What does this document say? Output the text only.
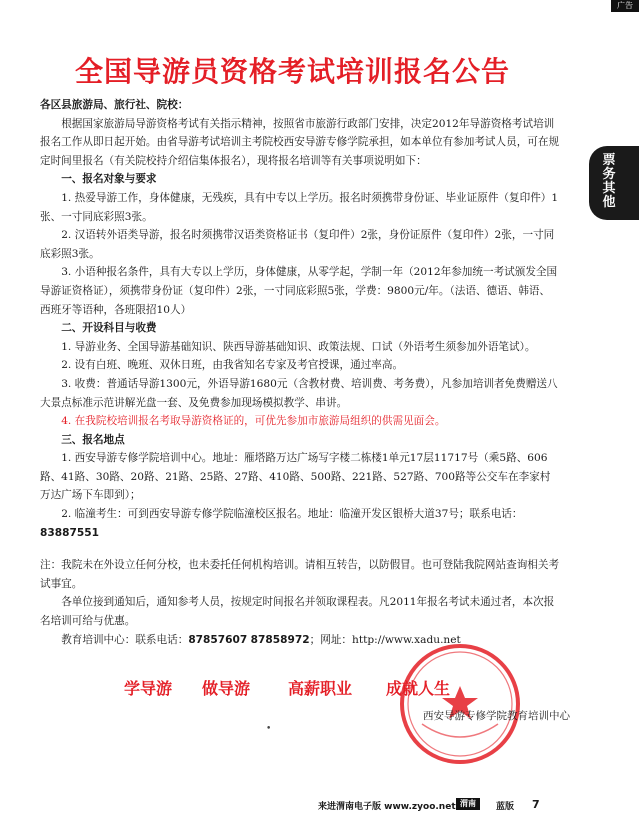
全国导游员资格考试培训报名公告

各区县旅游局、旅行社、院校：

根据国家旅游局导游资格考试有关指示精神，按照省市旅游行政部门安排，决定2012年导游资格考试培训报名工作从即日起开始。由省导游考试培训主考院校西安导游专修学院承担，如本单位有参加考试人员，可在规定时间里报名（有关院校持介绍信集体报名），现将报名培训等有关事项说明如下：

一、报名对象与要求

1. 热爱导游工作，身体健康，无残疾，具有中专以上学历。报名时须携带身份证、毕业证原件（复印件）1张、一寸同底彩照3张。

2. 汉语转外语类导游，报名时须携带汉语类资格证书（复印件）2张，身份证原件（复印件）2张，一寸同底彩照3张。

3. 小语种报名条件，具有大专以上学历，身体健康，从零学起，学制一年（2012年参加统一考试颁发全国导游证资格证），须携带身份证（复印件）2张，一寸同底彩照5张，学费：9800元/年。（法语、德语、韩语、西班牙等语种，各班限招10人）

二、开设科目与收费

1. 导游业务、全国导游基础知识、陕西导游基础知识、政策法规、口试（外语考生须参加外语笔试）。

2. 设有白班、晚班、双休日班，由我省知名专家及考官授课，通过率高。

3. 收费：普通话导游1300元，外语导游1680元（含教材费、培训费、考务费），凡参加培训者免费赠送八大景点标准示范讲解光盘一套、及免费参加现场模拟教学、串讲。

4. 在我院校培训报名考取导游资格证的，可优先参加市旅游局组织的供需见面会。

三、报名地点

1. 西安导游专修学院培训中心。地址：雁塔路万达广场写字楼二栋楼1单元17层11717号（乘5路、606路、41路、30路、20路、21路、25路、27路、410路、500路、221路、527路、700路等公交车在李家村万达广场下车即到）；

2. 临潼考生：可到西安导游专修学院临潼校区报名。地址：临潼开发区银桥大道37号；联系电话：83887551

注：我院未在外设立任何分校，也未委托任何机构培训。请相互转告，以防假冒。也可登陆我院网站查询相关考试事宜。

各单位接到通知后，通知参考人员，按规定时间报名并领取课程表。凡2011年报名考试未通过者，本次报名培训可给与优惠。

教育培训中心：联系电话：87857607 87858972；网址：http://www.xadu.net

学导游 做导游 高薪职业 成就人生
西安导游专修学院教育培训中心
•
广告
票务其他
来进渭南电子版 www.zyoo.net 渭南	蓝版 7
